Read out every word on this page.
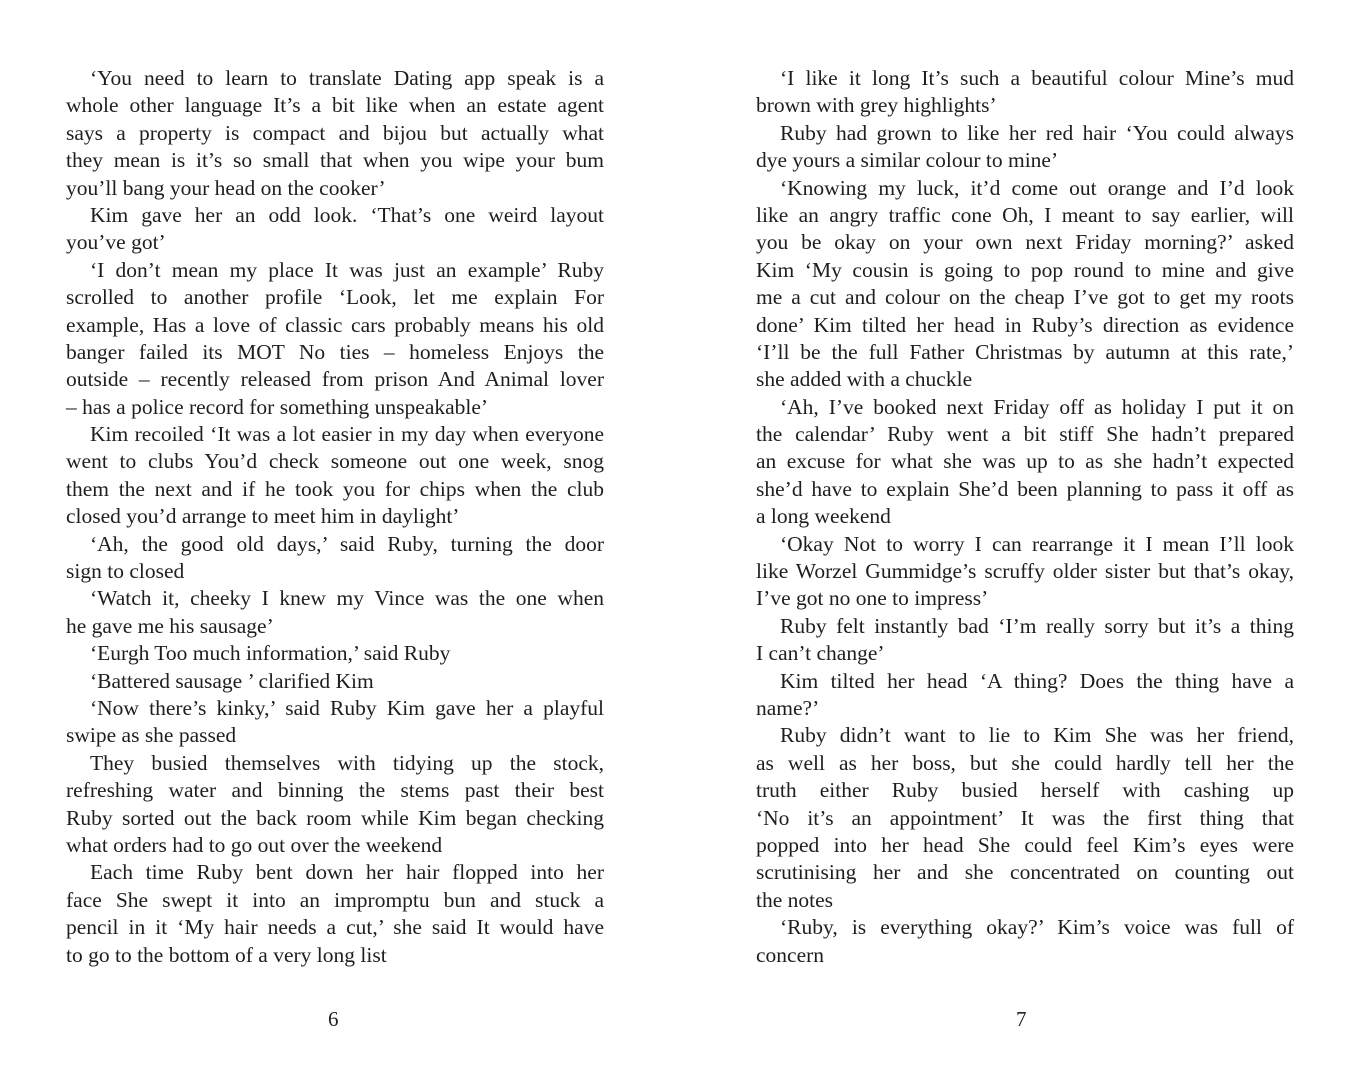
‘You need to learn to translate Dating app speak is a
whole other language It’s a bit like when an estate agent
says a property is compact and bijou but actually what
they mean is it’s so small that when you wipe your bum
you’ll bang your head on the cooker’
Kim gave her an odd look. ‘That’s one weird layout
you’ve got’
‘I don’t mean my place It was just an example’ Ruby
scrolled to another profile ‘Look, let me explain For
example, Has a love of classic cars probably means his old
banger failed its MOT No ties – homeless Enjoys the
outside – recently released from prison And Animal lover
– has a police record for something unspeakable’
Kim recoiled ‘It was a lot easier in my day when everyone
went to clubs You’d check someone out one week, snog
them the next and if he took you for chips when the club
closed you’d arrange to meet him in daylight’
‘Ah, the good old days,’ said Ruby, turning the door
sign to closed
‘Watch it, cheeky I knew my Vince was the one when
he gave me his sausage’
‘Eurgh Too much information,’ said Ruby
‘Battered sausage ’ clarified Kim
‘Now there’s kinky,’ said Ruby Kim gave her a playful
swipe as she passed
They busied themselves with tidying up the stock,
refreshing water and binning the stems past their best
Ruby sorted out the back room while Kim began checking
what orders had to go out over the weekend
Each time Ruby bent down her hair flopped into her
face She swept it into an impromptu bun and stuck a
pencil in it ‘My hair needs a cut,’ she said It would have
to go to the bottom of a very long list
‘I like it long It’s such a beautiful colour Mine’s mud
brown with grey highlights’
Ruby had grown to like her red hair ‘You could always
dye yours a similar colour to mine’
‘Knowing my luck, it’d come out orange and I’d look
like an angry traffic cone Oh, I meant to say earlier, will
you be okay on your own next Friday morning?’ asked
Kim ‘My cousin is going to pop round to mine and give
me a cut and colour on the cheap I’ve got to get my roots
done’ Kim tilted her head in Ruby’s direction as evidence
‘I’ll be the full Father Christmas by autumn at this rate,’
she added with a chuckle
‘Ah, I’ve booked next Friday off as holiday I put it on
the calendar’ Ruby went a bit stiff She hadn’t prepared
an excuse for what she was up to as she hadn’t expected
she’d have to explain She’d been planning to pass it off as
a long weekend
‘Okay Not to worry I can rearrange it I mean I’ll look
like Worzel Gummidge’s scruffy older sister but that’s okay,
I’ve got no one to impress’
Ruby felt instantly bad ‘I’m really sorry but it’s a thing
I can’t change’
Kim tilted her head ‘A thing? Does the thing have a
name?’
Ruby didn’t want to lie to Kim She was her friend,
as well as her boss, but she could hardly tell her the
truth either Ruby busied herself with cashing up
‘No it’s an appointment’ It was the first thing that
popped into her head She could feel Kim’s eyes were
scrutinising her and she concentrated on counting out
the notes
‘Ruby, is everything okay?’ Kim’s voice was full of
concern
6	7
